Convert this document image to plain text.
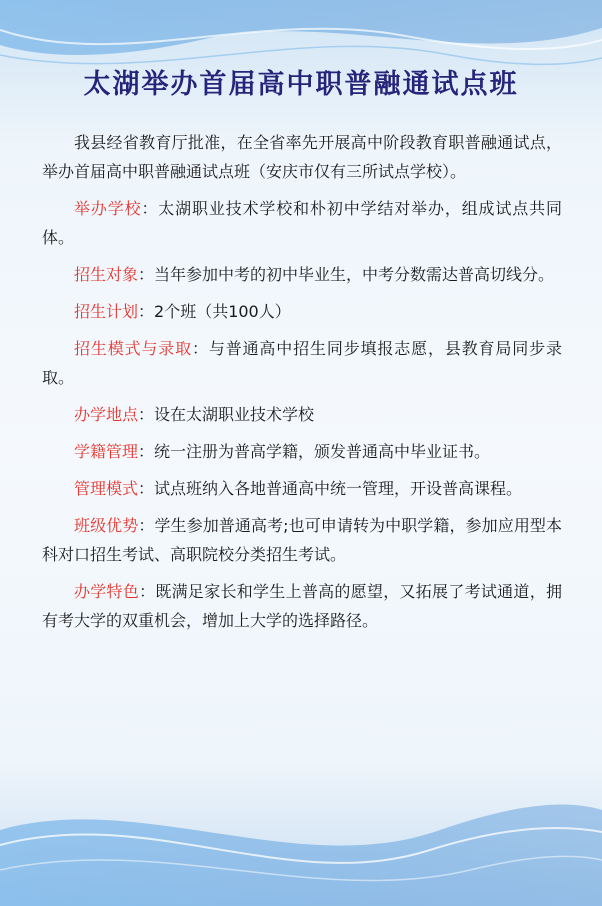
太湖举办首届高中职普融通试点班

我县经省教育厅批准，在全省率先开展高中阶段教育职普融通试点，举办首届高中职普融通试点班（安庆市仅有三所试点学校）。

举办学校：太湖职业技术学校和朴初中学结对举办，组成试点共同体。

招生对象：当年参加中考的初中毕业生，中考分数需达普高切线分。

招生计划：2个班（共100人）

招生模式与录取：与普通高中招生同步填报志愿，县教育局同步录取。

办学地点：设在太湖职业技术学校

学籍管理：统一注册为普高学籍，颁发普通高中毕业证书。

管理模式：试点班纳入各地普通高中统一管理，开设普高课程。

班级优势：学生参加普通高考;也可申请转为中职学籍，参加应用型本科对口招生考试、高职院校分类招生考试。

办学特色：既满足家长和学生上普高的愿望，又拓展了考试通道，拥有考大学的双重机会，增加上大学的选择路径。
